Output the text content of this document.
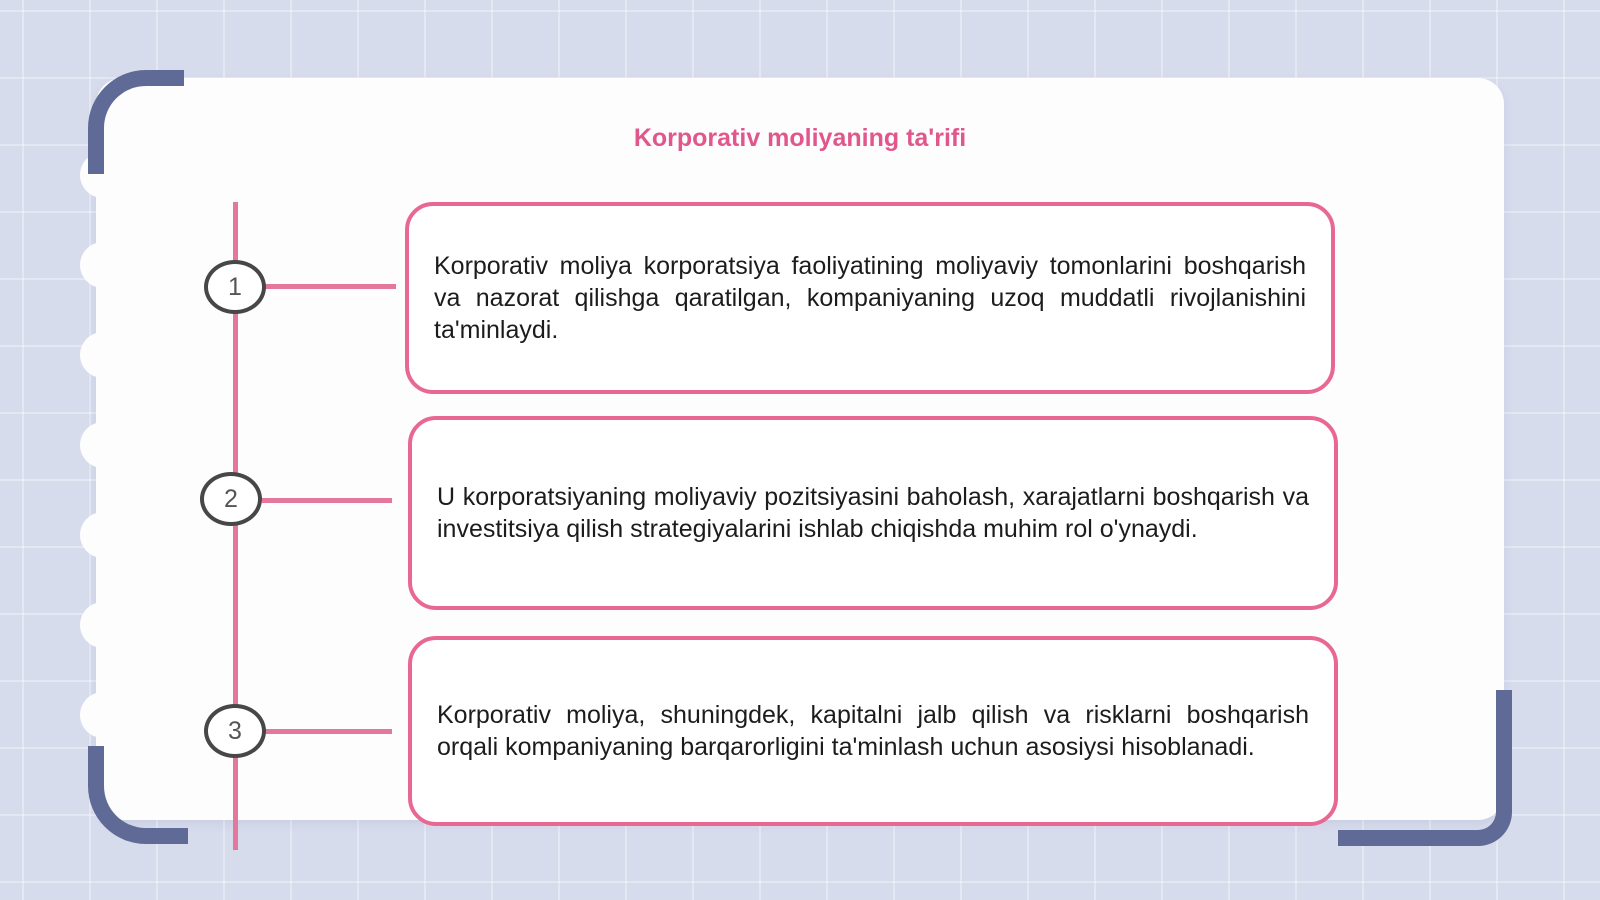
Korporativ moliyaning ta'rifi
1

Korporativ moliya korporatsiya faoliyatining moliyaviy tomonlarini boshqarish va nazorat qilishga qaratilgan, kompaniyaning uzoq muddatli rivojlanishini ta'minlaydi.

2	U korporatsiyaning moliyaviy pozitsiyasini baholash, xarajatlarni boshqarish va investitsiya qilish strategiyalarini ishlab chiqishda muhim rol o'ynaydi.

3

Korporativ moliya, shuningdek, kapitalni jalb qilish va risklarni boshqarish orqali kompaniyaning barqarorligini ta'minlash uchun asosiysi hisoblanadi.
